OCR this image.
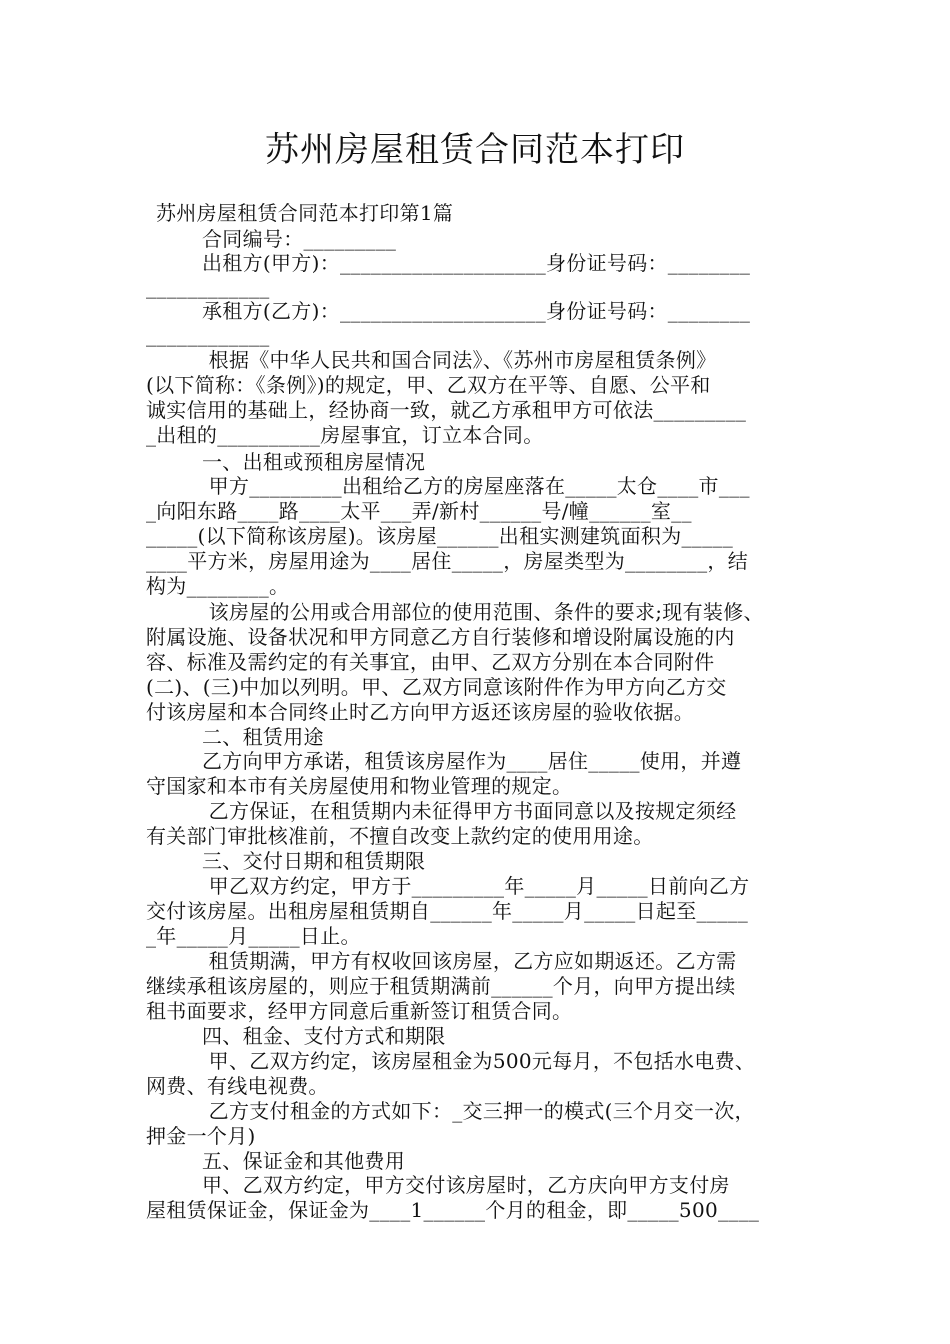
苏州房屋租赁合同范本打印
苏州房屋租赁合同范本打印第1篇
合同编号：_________
出租方(甲方)：____________________身份证号码：________
____________
承租方(乙方)：____________________身份证号码：________
____________
根据《中华人民共和国合同法》、《苏州市房屋租赁条例》
(以下简称：《条例》)的规定，甲、乙双方在平等、自愿、公平和
诚实信用的基础上，经协商一致，就乙方承租甲方可依法_________
_出租的__________房屋事宜，订立本合同。
一、出租或预租房屋情况
甲方_________出租给乙方的房屋座落在_____太仓____市___
_向阳东路____路____太平___弄/新村______号/幢______室__
_____(以下简称该房屋)。该房屋______出租实测建筑面积为_____
____平方米，房屋用途为____居住_____，房屋类型为________，结
构为________。
该房屋的公用或合用部位的使用范围、条件的要求;现有装修、
附属设施、设备状况和甲方同意乙方自行装修和增设附属设施的内
容、标准及需约定的有关事宜，由甲、乙双方分别在本合同附件
(二)、(三)中加以列明。甲、乙双方同意该附件作为甲方向乙方交
付该房屋和本合同终止时乙方向甲方返还该房屋的验收依据。
二、租赁用途
乙方向甲方承诺，租赁该房屋作为____居住_____使用，并遵
守国家和本市有关房屋使用和物业管理的规定。
乙方保证，在租赁期内未征得甲方书面同意以及按规定须经
有关部门审批核准前，不擅自改变上款约定的使用用途。
三、交付日期和租赁期限
甲乙双方约定，甲方于_________年_____月_____日前向乙方
交付该房屋。出租房屋租赁期自______年_____月_____日起至_____
_年_____月_____日止。
租赁期满，甲方有权收回该房屋，乙方应如期返还。乙方需
继续承租该房屋的，则应于租赁期满前______个月，向甲方提出续
租书面要求，经甲方同意后重新签订租赁合同。
四、租金、支付方式和期限
甲、乙双方约定，该房屋租金为500元每月，不包括水电费、
网费、有线电视费。
乙方支付租金的方式如下：_交三押一的模式(三个月交一次，
押金一个月)
五、保证金和其他费用
甲、乙双方约定，甲方交付该房屋时，乙方庆向甲方支付房
屋租赁保证金，保证金为____1______个月的租金，即_____500____
